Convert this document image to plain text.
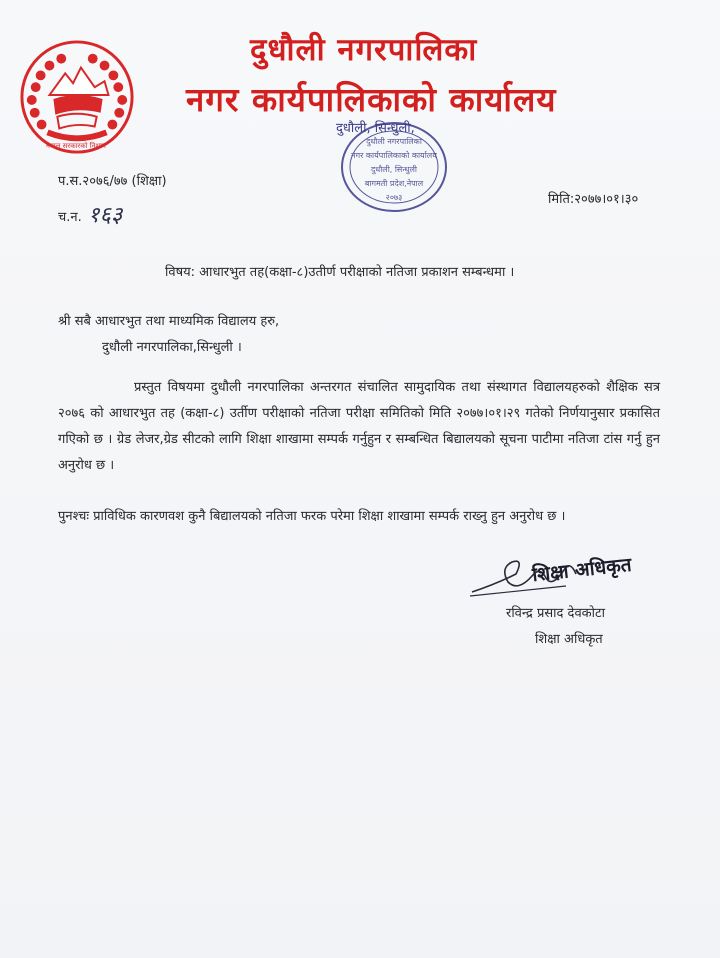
नेपाल सरकारको निशान
दुधौली नगरपालिका
नगर कार्यपालिकाको कार्यालय
दुधौली, सिन्धुली,
दुधौली नगरपालिका
नगर कार्यपालिकाको कार्यालय
दुधौली, सिन्धुली
बागमती प्रदेश,नेपाल
२०७३
प.स.२०७६/७७ (शिक्षा)
च.न. १६३
मिति:२०७७।०१।३०
विषय: आधारभुत तह(कक्षा-८)उतीर्ण परीक्षाको नतिजा प्रकाशन सम्बन्धमा ।
श्री सबै आधारभुत तथा माध्यमिक विद्यालय हरु,
दुधौली नगरपालिका,सिन्धुली ।
प्रस्तुत विषयमा दुधौली नगरपालिका अन्तरगत संचालित सामुदायिक तथा संस्थागत विद्यालयहरुको शैक्षिक सत्र २०७६ को आधारभुत तह (कक्षा-८) उर्तीण परीक्षाको नतिजा परीक्षा समितिको मिति २०७७।०१।२९ गतेको निर्णयानुसार प्रकासित गएिको छ । ग्रेड लेजर,ग्रेड सीटको लागि शिक्षा शाखामा सम्पर्क गर्नुहुन र सम्बन्धित बिद्यालयको सूचना पाटीमा नतिजा टांस गर्नु हुन अनुरोध छ ।
पुनश्चः प्राविधिक कारणवश कुनै बिद्यालयको नतिजा फरक परेमा शिक्षा शाखामा सम्पर्क राख्नु हुन अनुरोध छ ।
शिक्षा अधिकृत
रविन्द्र प्रसाद देवकोटा
शिक्षा अधिकृत
